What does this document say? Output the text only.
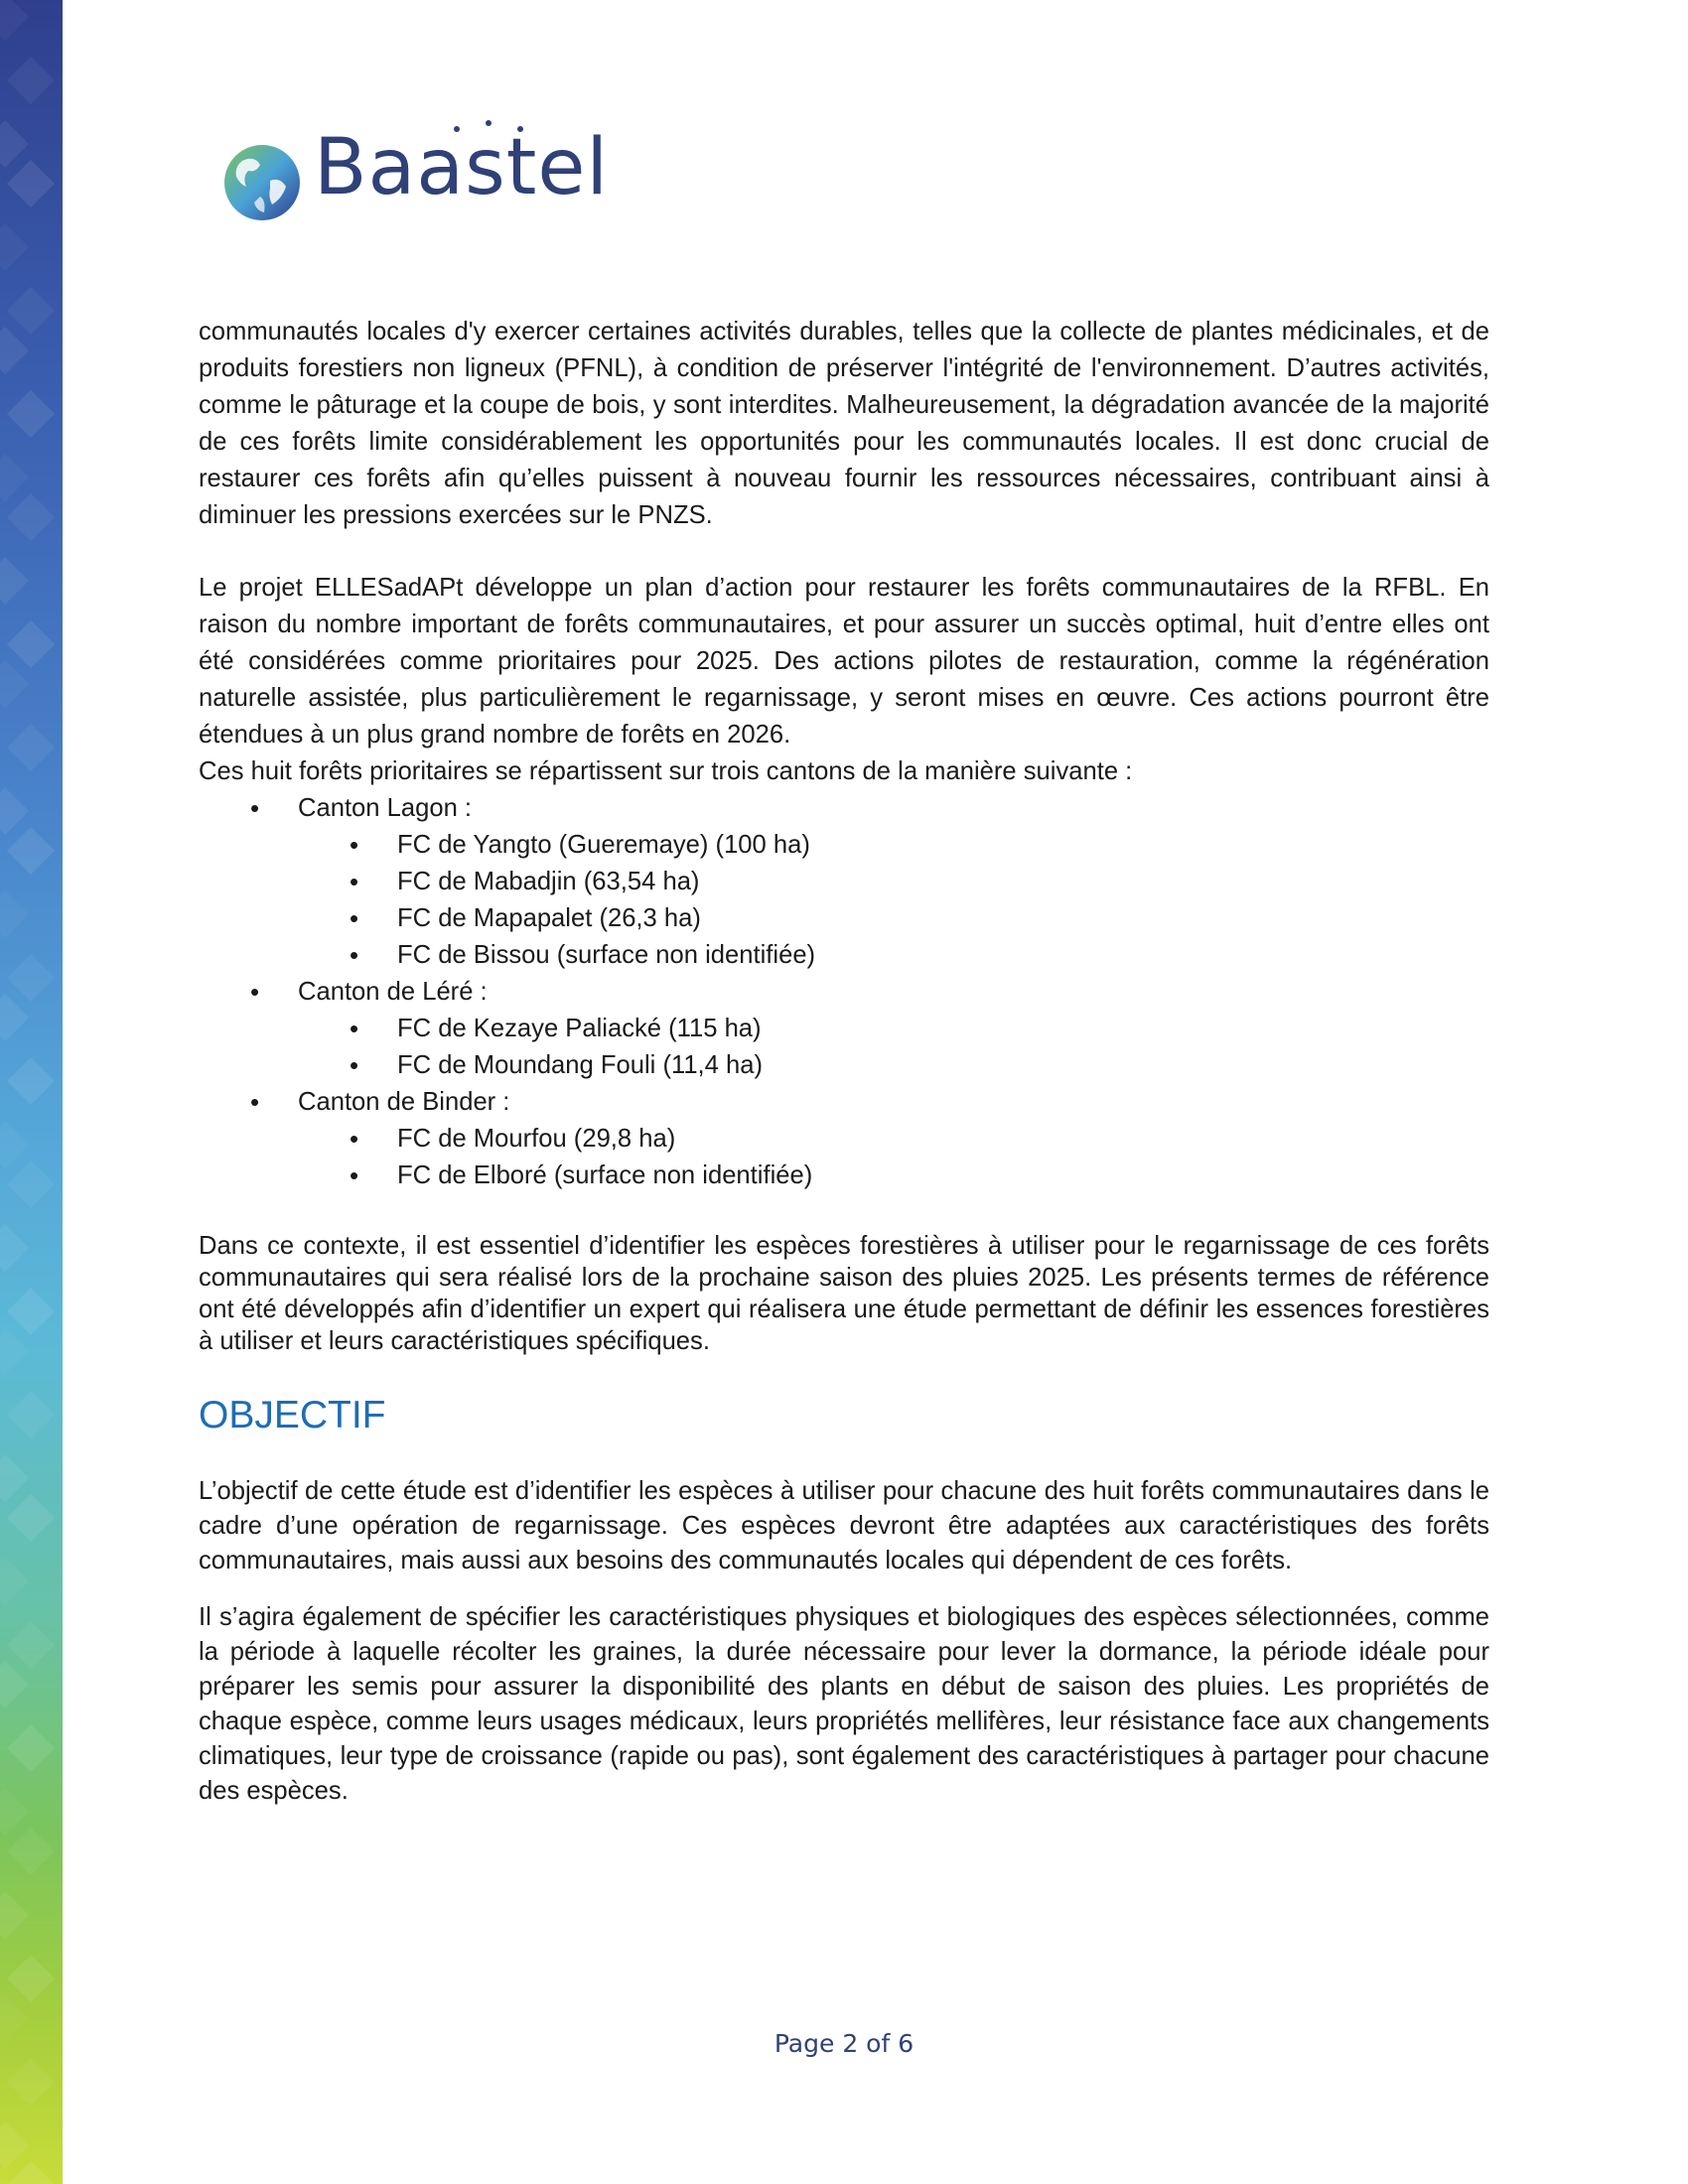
Baastel

communautés locales d'y exercer certaines activités durables, telles que la collecte de plantes médicinales, et de produits forestiers non ligneux (PFNL), à condition de préserver l'intégrité de l'environnement. D’autres activités, comme le pâturage et la coupe de bois, y sont interdites. Malheureusement, la dégradation avancée de la majorité de ces forêts limite considérablement les opportunités pour les communautés locales. Il est donc crucial de restaurer ces forêts afin qu’elles puissent à nouveau fournir les ressources nécessaires, contribuant ainsi à diminuer les pressions exercées sur le PNZS.

Le projet ELLESadAPt développe un plan d’action pour restaurer les forêts communautaires de la RFBL. En raison du nombre important de forêts communautaires, et pour assurer un succès optimal, huit d’entre elles ont été considérées comme prioritaires pour 2025. Des actions pilotes de restauration, comme la régénération naturelle assistée, plus particulièrement le regarnissage, y seront mises en œuvre. Ces actions pourront être étendues à un plus grand nombre de forêts en 2026.

Ces huit forêts prioritaires se répartissent sur trois cantons de la manière suivante :

• Canton Lagon :
• FC de Yangto (Gueremaye) (100 ha)
• FC de Mabadjin (63,54 ha)
• FC de Mapapalet (26,3 ha)
• FC de Bissou (surface non identifiée)
• Canton de Léré :
• FC de Kezaye Paliacké (115 ha)
• FC de Moundang Fouli (11,4 ha)
• Canton de Binder :
• FC de Mourfou (29,8 ha)
• FC de Elboré (surface non identifiée)

Dans ce contexte, il est essentiel d’identifier les espèces forestières à utiliser pour le regarnissage de ces forêts communautaires qui sera réalisé lors de la prochaine saison des pluies 2025. Les présents termes de référence ont été développés afin d’identifier un expert qui réalisera une étude permettant de définir les essences forestières à utiliser et leurs caractéristiques spécifiques.

OBJECTIF

L’objectif de cette étude est d’identifier les espèces à utiliser pour chacune des huit forêts communautaires dans le cadre d’une opération de regarnissage. Ces espèces devront être adaptées aux caractéristiques des forêts communautaires, mais aussi aux besoins des communautés locales qui dépendent de ces forêts.

Il s’agira également de spécifier les caractéristiques physiques et biologiques des espèces sélectionnées, comme la période à laquelle récolter les graines, la durée nécessaire pour lever la dormance, la période idéale pour préparer les semis pour assurer la disponibilité des plants en début de saison des pluies. Les propriétés de chaque espèce, comme leurs usages médicaux, leurs propriétés mellifères, leur résistance face aux changements climatiques, leur type de croissance (rapide ou pas), sont également des caractéristiques à partager pour chacune des espèces.

Page 2 of 6
